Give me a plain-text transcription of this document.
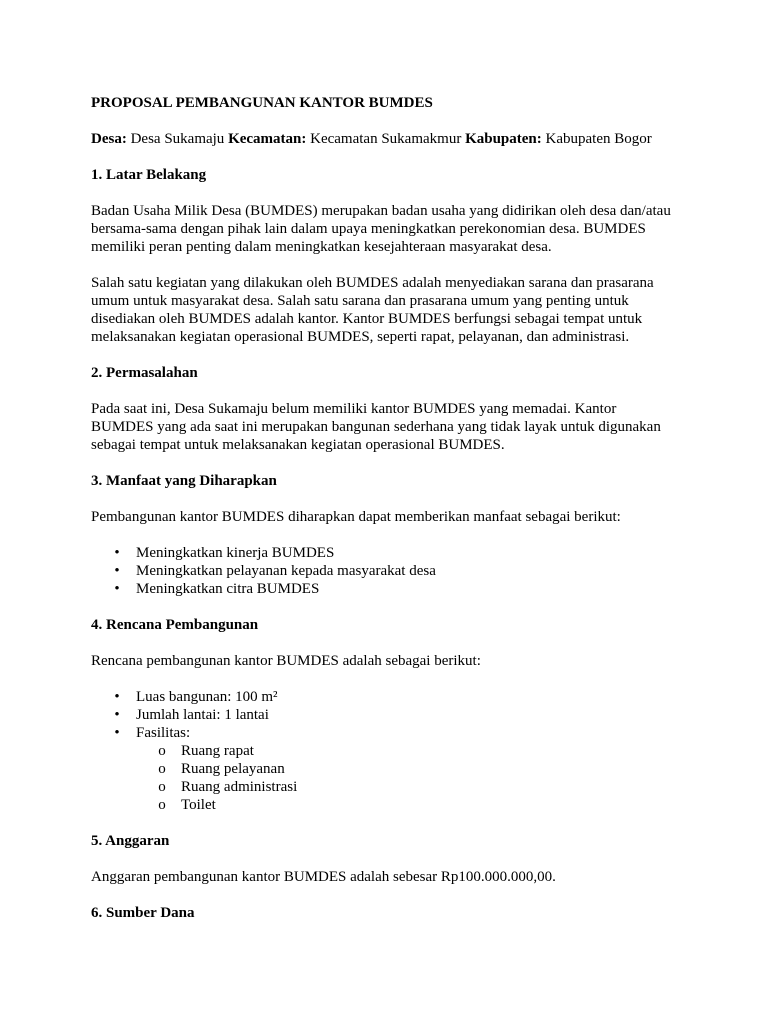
PROPOSAL PEMBANGUNAN KANTOR BUMDES

Desa: Desa Sukamaju Kecamatan: Kecamatan Sukamakmur Kabupaten: Kabupaten Bogor

1. Latar Belakang

Badan Usaha Milik Desa (BUMDES) merupakan badan usaha yang didirikan oleh desa dan/atau bersama-sama dengan pihak lain dalam upaya meningkatkan perekonomian desa. BUMDES memiliki peran penting dalam meningkatkan kesejahteraan masyarakat desa.

Salah satu kegiatan yang dilakukan oleh BUMDES adalah menyediakan sarana dan prasarana umum untuk masyarakat desa. Salah satu sarana dan prasarana umum yang penting untuk disediakan oleh BUMDES adalah kantor. Kantor BUMDES berfungsi sebagai tempat untuk melaksanakan kegiatan operasional BUMDES, seperti rapat, pelayanan, dan administrasi.

2. Permasalahan

Pada saat ini, Desa Sukamaju belum memiliki kantor BUMDES yang memadai. Kantor BUMDES yang ada saat ini merupakan bangunan sederhana yang tidak layak untuk digunakan sebagai tempat untuk melaksanakan kegiatan operasional BUMDES.

3. Manfaat yang Diharapkan

Pembangunan kantor BUMDES diharapkan dapat memberikan manfaat sebagai berikut:

• Meningkatkan kinerja BUMDES
• Meningkatkan pelayanan kepada masyarakat desa
• Meningkatkan citra BUMDES

4. Rencana Pembangunan

Rencana pembangunan kantor BUMDES adalah sebagai berikut:

• Luas bangunan: 100 m²
• Jumlah lantai: 1 lantai
• Fasilitas:
o Ruang rapat
o Ruang pelayanan
o Ruang administrasi
o Toilet

5. Anggaran

Anggaran pembangunan kantor BUMDES adalah sebesar Rp100.000.000,00.

6. Sumber Dana
